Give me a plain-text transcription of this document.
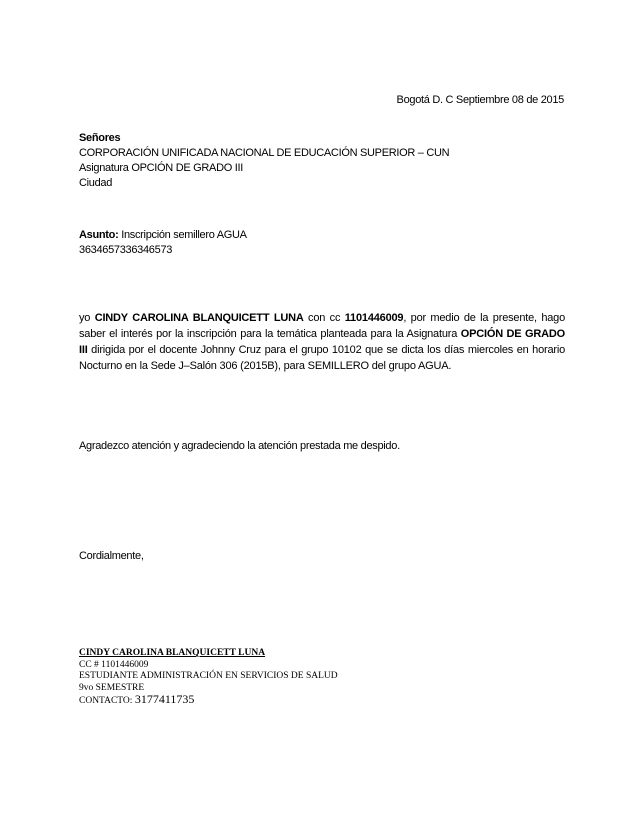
Bogotá D. C Septiembre 08 de 2015
Señores
CORPORACIÓN UNIFICADA NACIONAL DE EDUCACIÓN SUPERIOR – CUN
Asignatura OPCIÓN DE GRADO III
Ciudad
Asunto: Inscripción semillero AGUA
3634657336346573
yo CINDY CAROLINA BLANQUICETT LUNA con cc 1101446009, por medio de la presente, hago saber el interés por la inscripción para la temática planteada para la Asignatura OPCIÓN DE GRADO III dirigida por el docente Johnny Cruz para el grupo 10102 que se dicta los días miercoles en horario Nocturno en la Sede J–Salón 306 (2015B), para SEMILLERO del grupo AGUA.
Agradezco atención y agradeciendo la atención prestada me despido.
Cordialmente,
CINDY CAROLINA BLANQUICETT LUNA
CC # 1101446009
ESTUDIANTE ADMINISTRACIÓN EN SERVICIOS DE SALUD
9vo SEMESTRE
CONTACTO: 3177411735
